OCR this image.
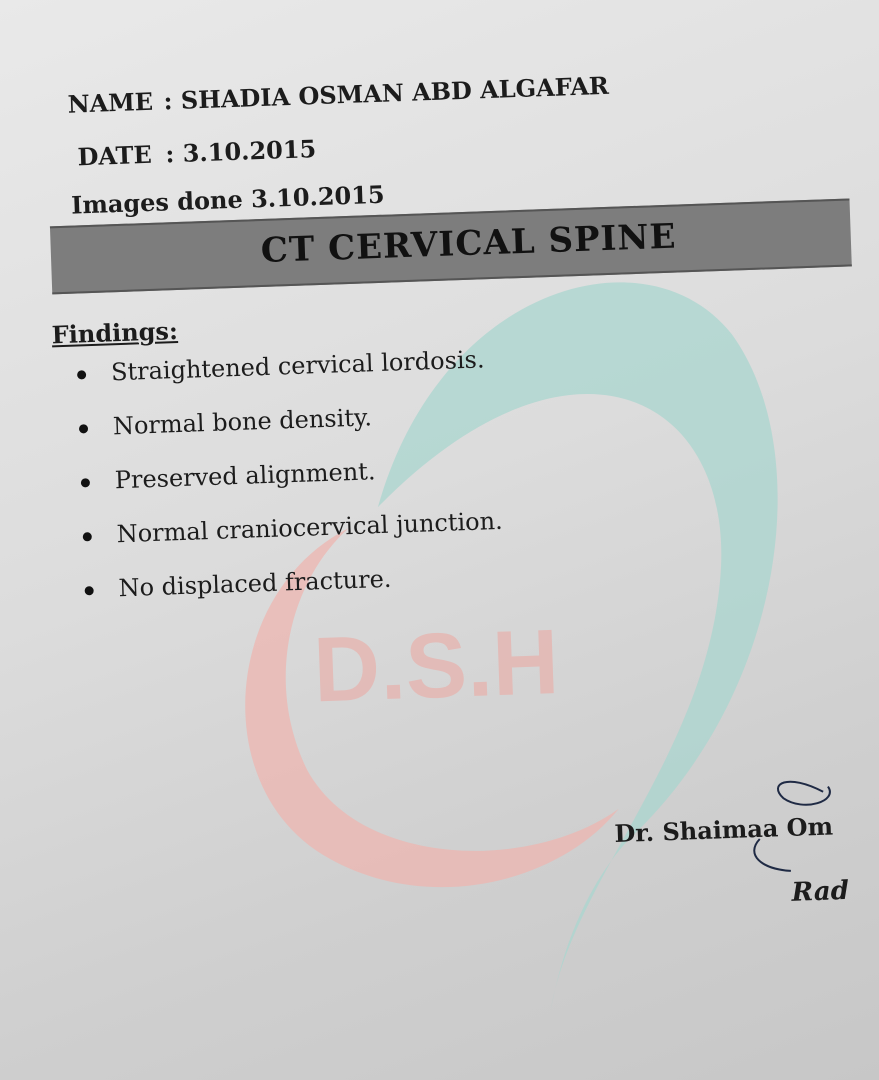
D.S.H
NAME : SHADIA OSMAN ABD ALGAFAR
DATE : 3.10.2015
Images done 3.10.2015
CT CERVICAL SPINE
Findings:
Straightened cervical lordosis.
Normal bone density.
Preserved alignment.
Normal craniocervical junction.
No displaced fracture.
Dr. Shaimaa Om
Rad
